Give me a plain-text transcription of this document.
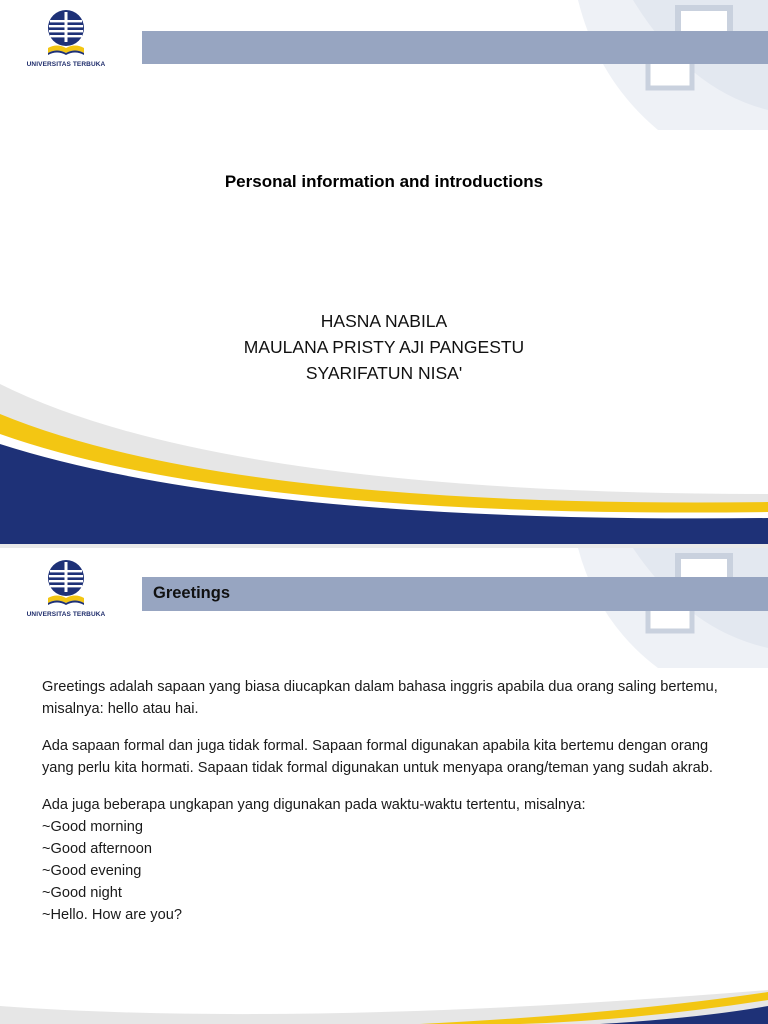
UNIVERSITAS TERBUKA
Personal information and introductions
HASNA NABILA
MAULANA PRISTY AJI PANGESTU
SYARIFATUN NISA'
Greetings
UNIVERSITAS TERBUKA

Greetings adalah sapaan yang biasa diucapkan dalam bahasa inggris apabila dua orang saling bertemu, misalnya: hello atau hai.

Ada sapaan formal dan juga tidak formal. Sapaan formal digunakan apabila kita bertemu dengan orang yang perlu kita hormati. Sapaan tidak formal digunakan untuk menyapa orang/teman yang sudah akrab.

Ada juga beberapa ungkapan yang digunakan pada waktu-waktu tertentu, misalnya:
~Good morning
~Good afternoon
~Good evening
~Good night
~Hello. How are you?
